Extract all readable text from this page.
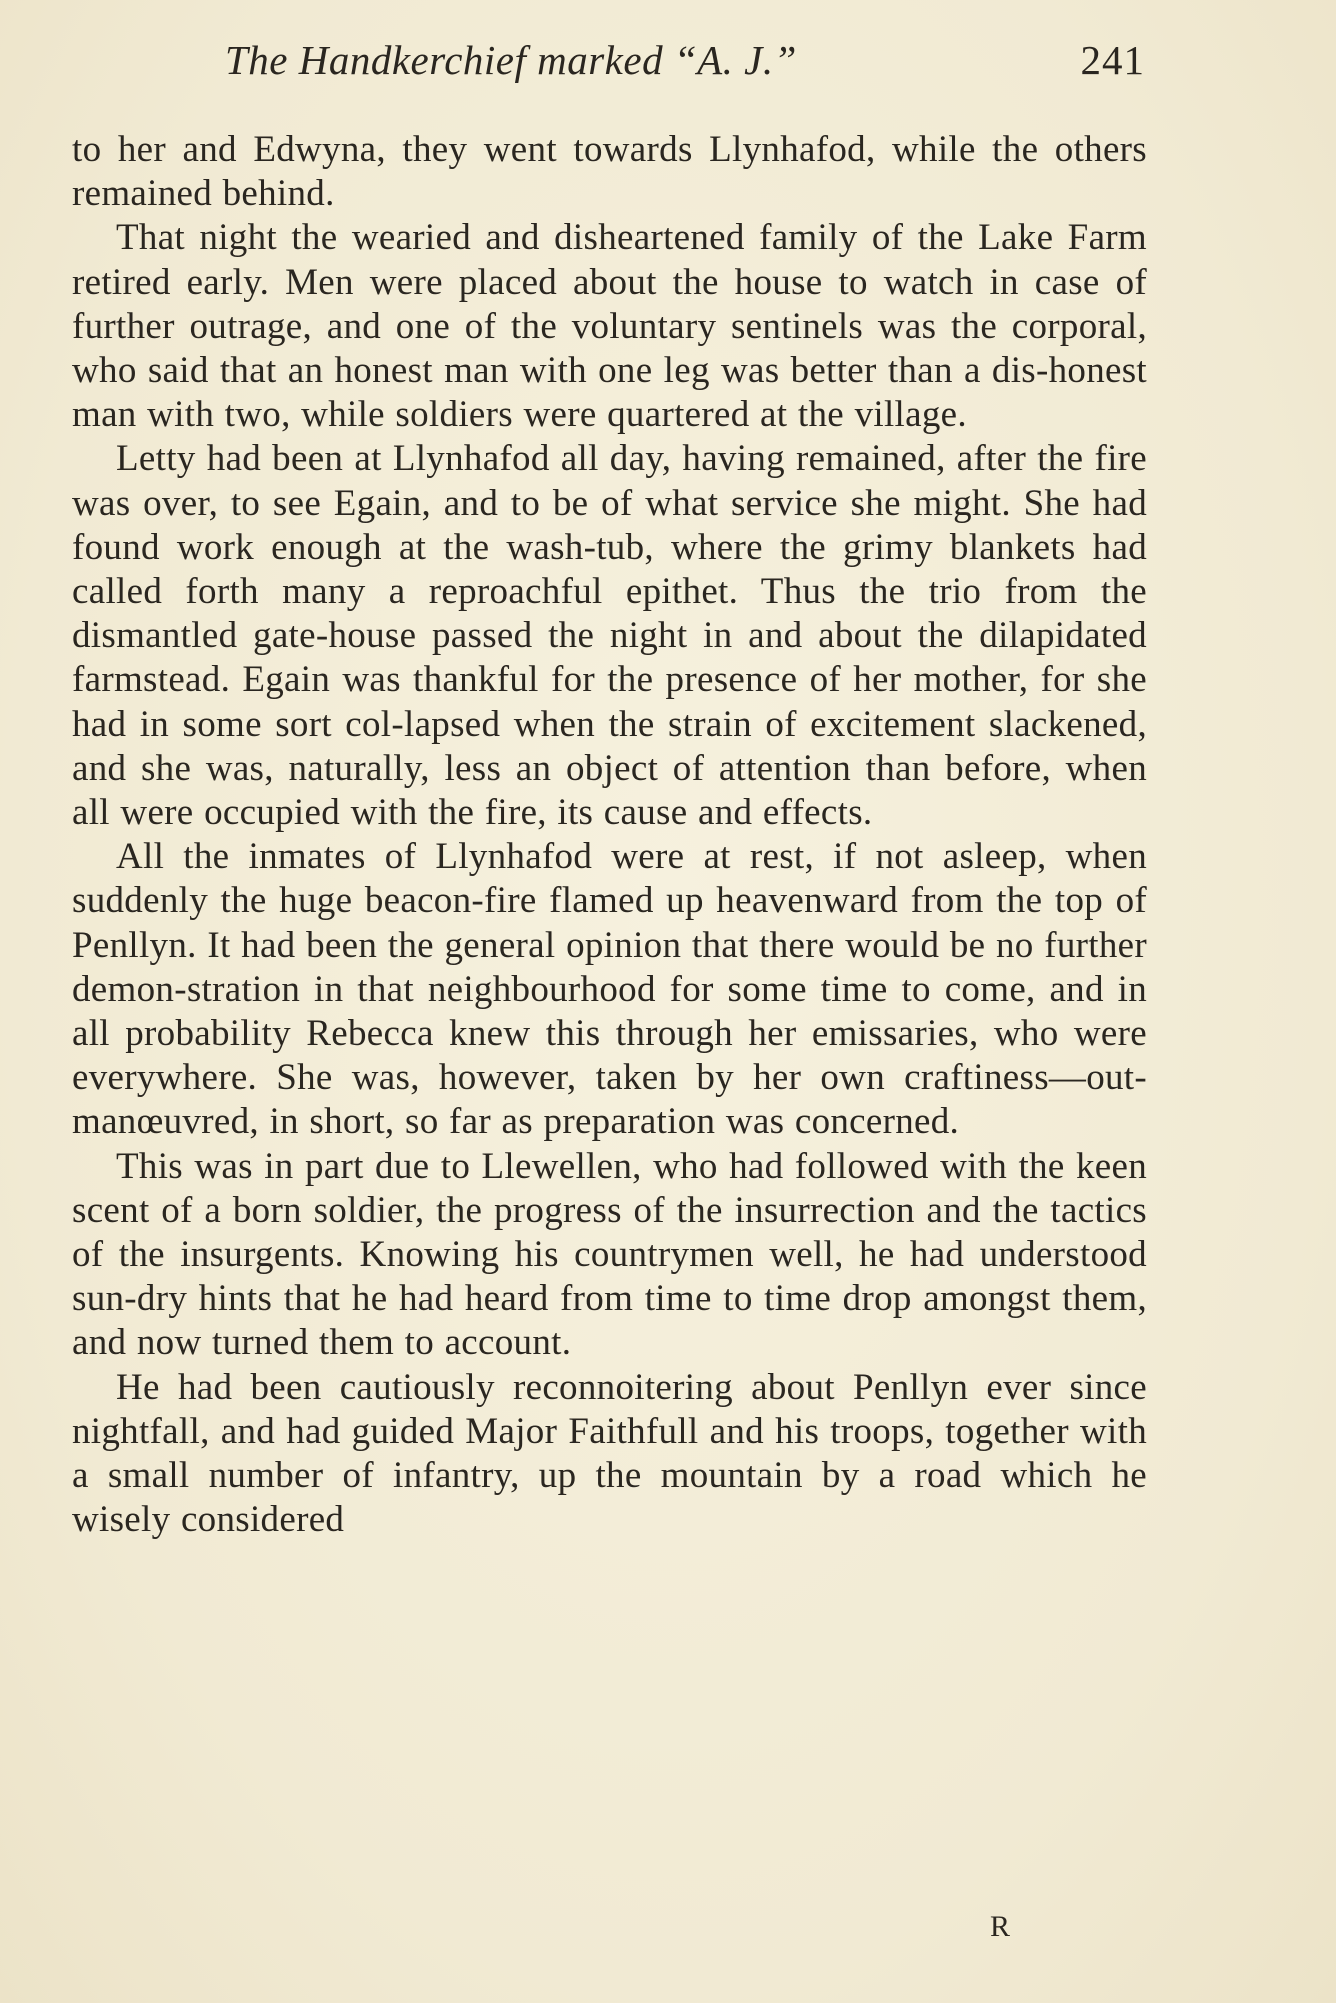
The Handkerchief marked “A. J.”	241

to her and Edwyna, they went towards Llynhafod, while the others remained behind.

That night the wearied and disheartened family of the Lake Farm retired early. Men were placed about the house to watch in case of further outrage, and one of the voluntary sentinels was the corporal, who said that an honest man with one leg was better than a dis-honest man with two, while soldiers were quartered at the village.

Letty had been at Llynhafod all day, having remained, after the fire was over, to see Egain, and to be of what service she might. She had found work enough at the wash-tub, where the grimy blankets had called forth many a reproachful epithet. Thus the trio from the dismantled gate-house passed the night in and about the dilapidated farmstead. Egain was thankful for the presence of her mother, for she had in some sort col-lapsed when the strain of excitement slackened, and she was, naturally, less an object of attention than before, when all were occupied with the fire, its cause and effects.

All the inmates of Llynhafod were at rest, if not asleep, when suddenly the huge beacon-fire flamed up heavenward from the top of Penllyn. It had been the general opinion that there would be no further demon-stration in that neighbourhood for some time to come, and in all probability Rebecca knew this through her emissaries, who were everywhere. She was, however, taken by her own craftiness—out-manœuvred, in short, so far as preparation was concerned.

This was in part due to Llewellen, who had followed with the keen scent of a born soldier, the progress of the insurrection and the tactics of the insurgents. Knowing his countrymen well, he had understood sun-dry hints that he had heard from time to time drop amongst them, and now turned them to account.

He had been cautiously reconnoitering about Penllyn ever since nightfall, and had guided Major Faithfull and his troops, together with a small number of infantry, up the mountain by a road which he wisely considered

R
